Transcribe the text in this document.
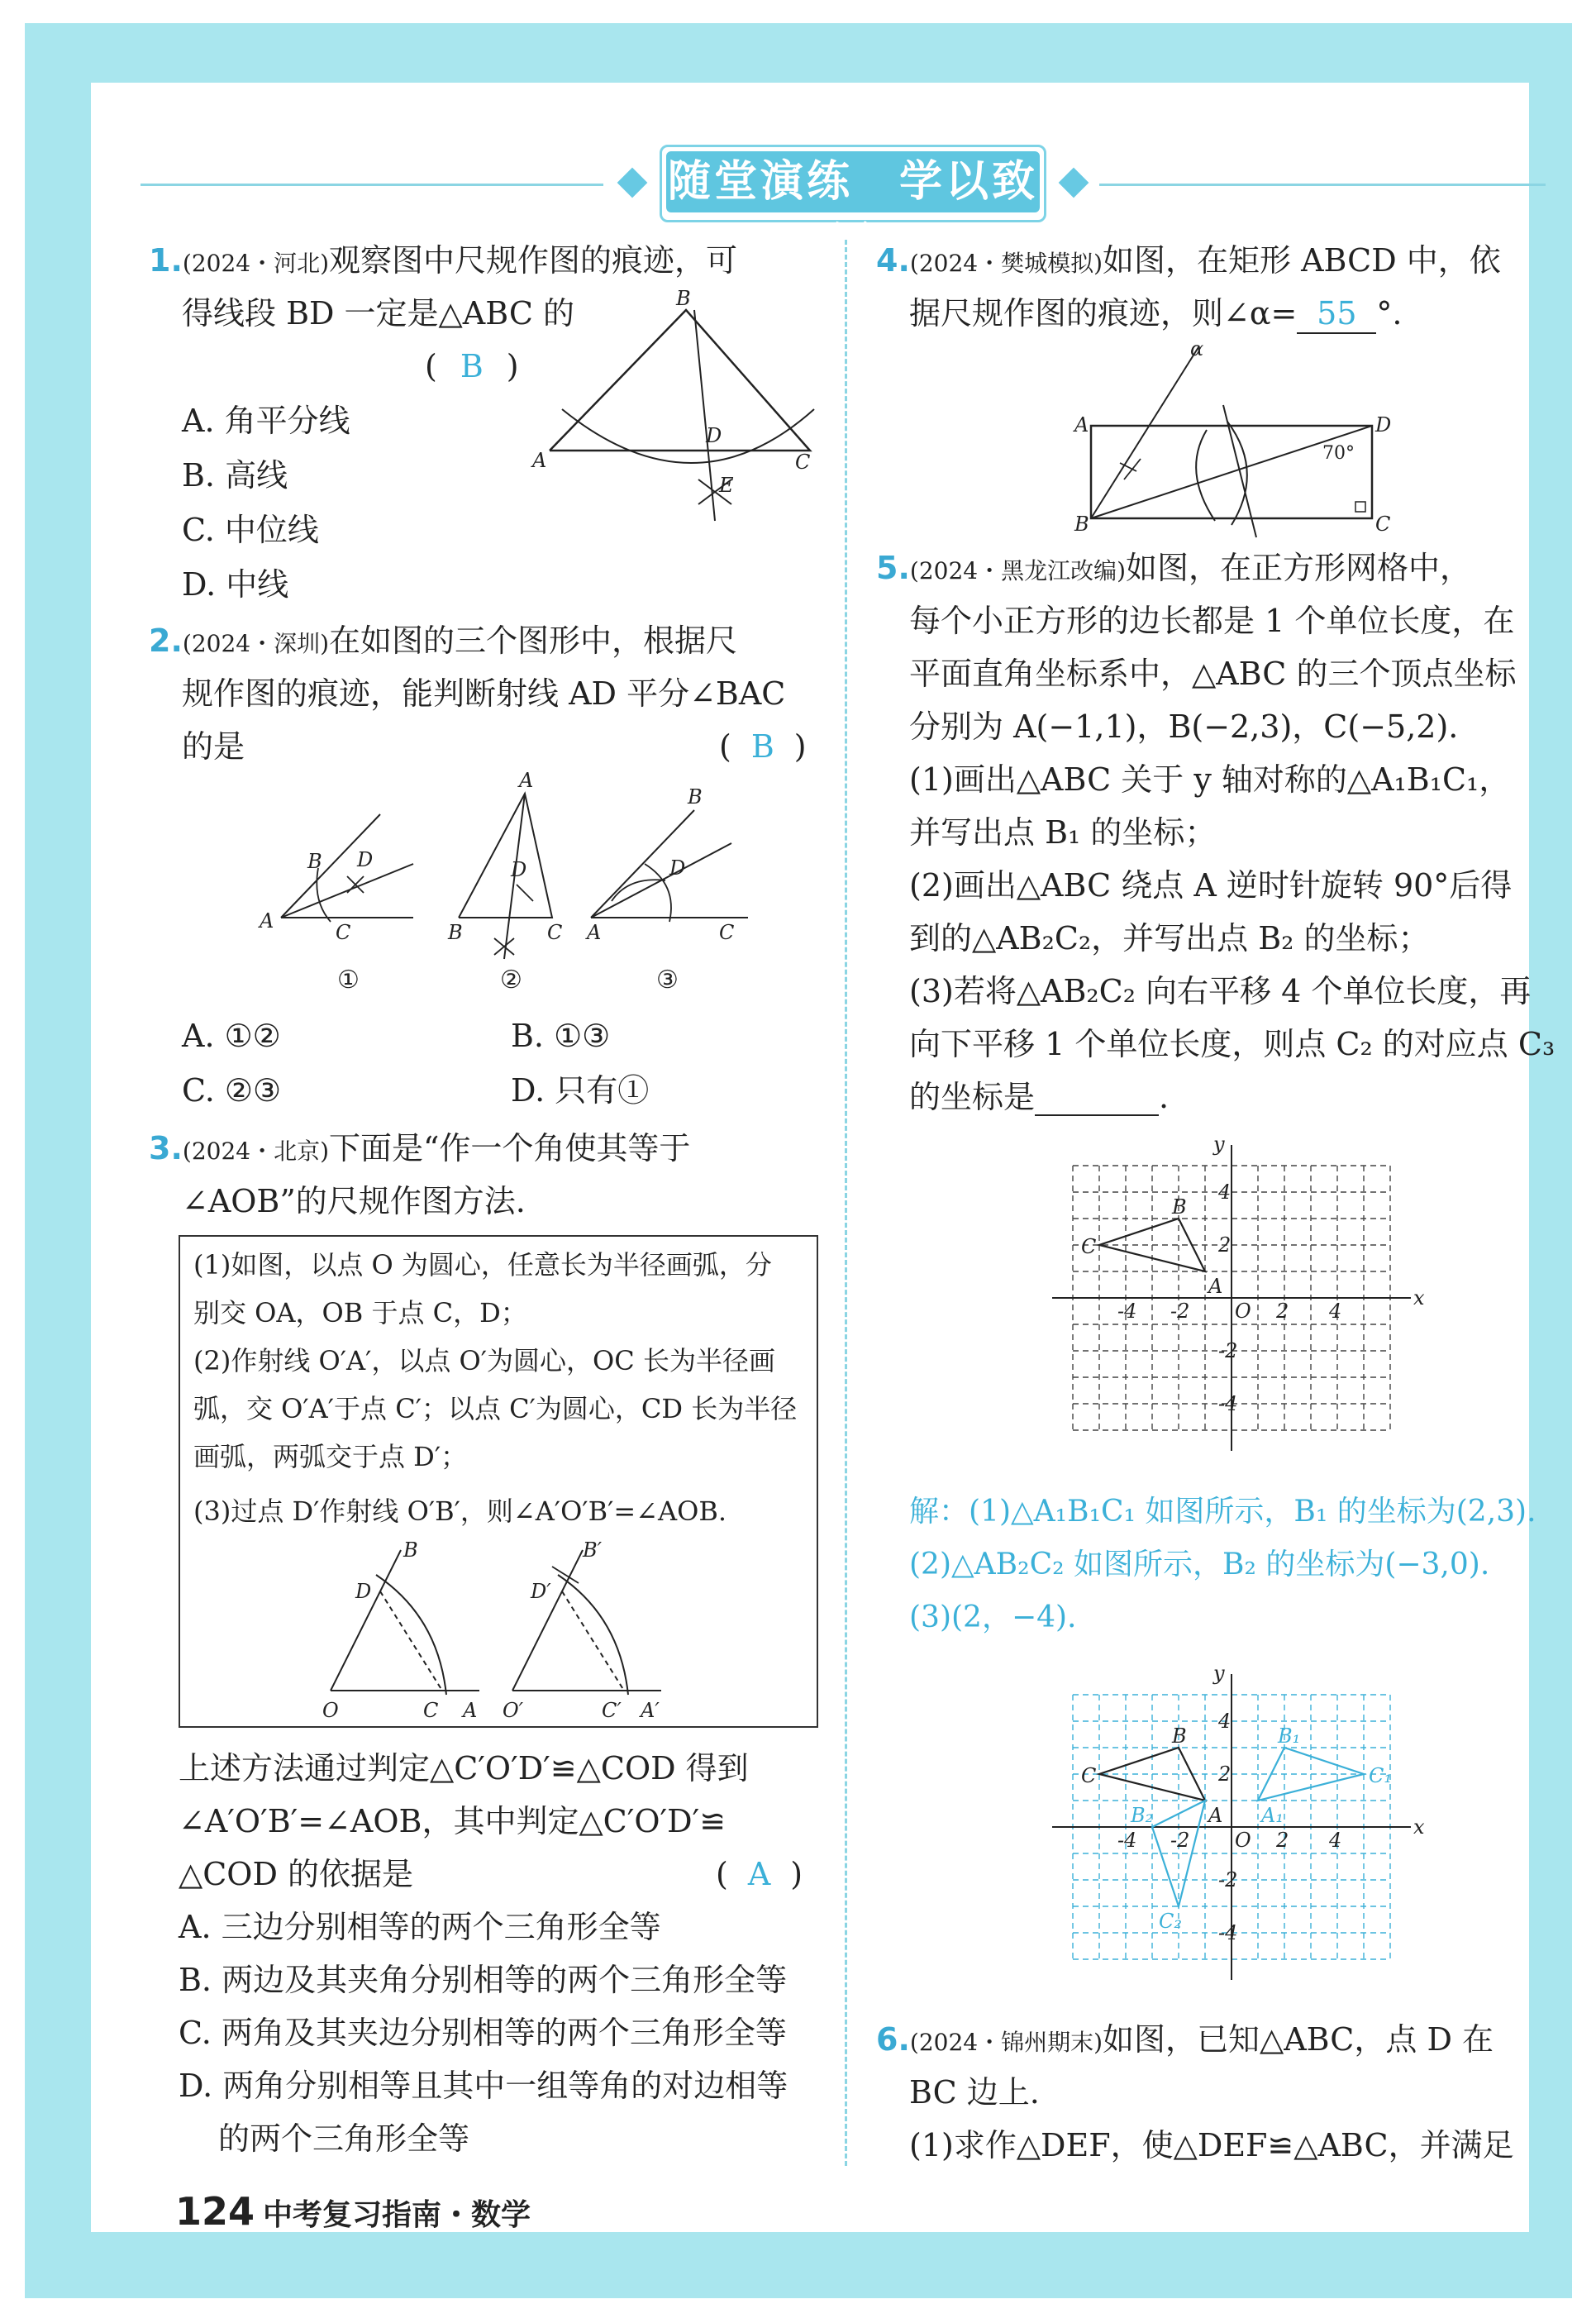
随堂演练　学以致用
1.(2024・河北)观察图中尺规作图的痕迹，可
得线段 BD 一定是△ABC 的
( B )
A. 角平分线
B. 高线
C. 中位线
D. 中线
B
A	C
D
E
2.(2024・深圳)在如图的三个图形中，根据尺
规作图的痕迹，能判断射线 AD 平分∠BAC
的是	( B )
A
B D
C
A
B	C
D
A
B
D
C
①	②	③
A. ①②	B. ①③
C. ②③	D. 只有①
3.(2024・北京)下面是“作一个角使其等于
∠AOB”的尺规作图方法.
(1)如图，以点 O 为圆心，任意长为半径画弧，分
别交 OA，OB 于点 C，D；
(2)作射线 O′A′，以点 O′为圆心，OC 长为半径画
弧，交 O′A′于点 C′；以点 C′为圆心，CD 长为半径
画弧，两弧交于点 D′；
(3)过点 D′作射线 O′B′，则∠A′O′B′=∠AOB.
B
D
O	C A
B′
D′
O′	C′ A′
上述方法通过判定△C′O′D′≌△COD 得到
∠A′O′B′=∠AOB，其中判定△C′O′D′≌
△COD 的依据是	( A )
A. 三边分别相等的两个三角形全等
B. 两边及其夹角分别相等的两个三角形全等
C. 两角及其夹边分别相等的两个三角形全等
D. 两角分别相等且其中一组等角的对边相等
的两个三角形全等
4.(2024・樊城模拟)如图，在矩形 ABCD 中，依
据尺规作图的痕迹，则∠α= 55 °.
A
B	C
D
α
70°
5.(2024・黑龙江改编)如图，在正方形网格中，
每个小正方形的边长都是 1 个单位长度，在
平面直角坐标系中，△ABC 的三个顶点坐标
分别为 A(−1,1)，B(−2,3)，C(−5,2).
(1)画出△ABC 关于 y 轴对称的△A₁B₁C₁，
并写出点 B₁ 的坐标；
(2)画出△ABC 绕点 A 逆时针旋转 90°后得
到的△AB₂C₂，并写出点 B₂ 的坐标；
(3)若将△AB₂C₂ 向右平移 4 个单位长度，再
向下平移 1 个单位长度，则点 C₂ 的对应点 C₃
的坐标是	.
x
y
O
-4 -2	2 4
4
2
-2
-4
A
B
C
解：(1)△A₁B₁C₁ 如图所示，B₁ 的坐标为(2,3).
(2)△AB₂C₂ 如图所示，B₂ 的坐标为(−3,0).
(3)(2，−4).
x
y
O
-4 -2	2 4
4
2
-2
-4
A
B
C
A₁
B₁
C₁
B₂
C₂
6.(2024・锦州期末)如图，已知△ABC，点 D 在
BC 边上.
(1)求作△DEF，使△DEF≌△ABC，并满足
124 中考复习指南・数学
